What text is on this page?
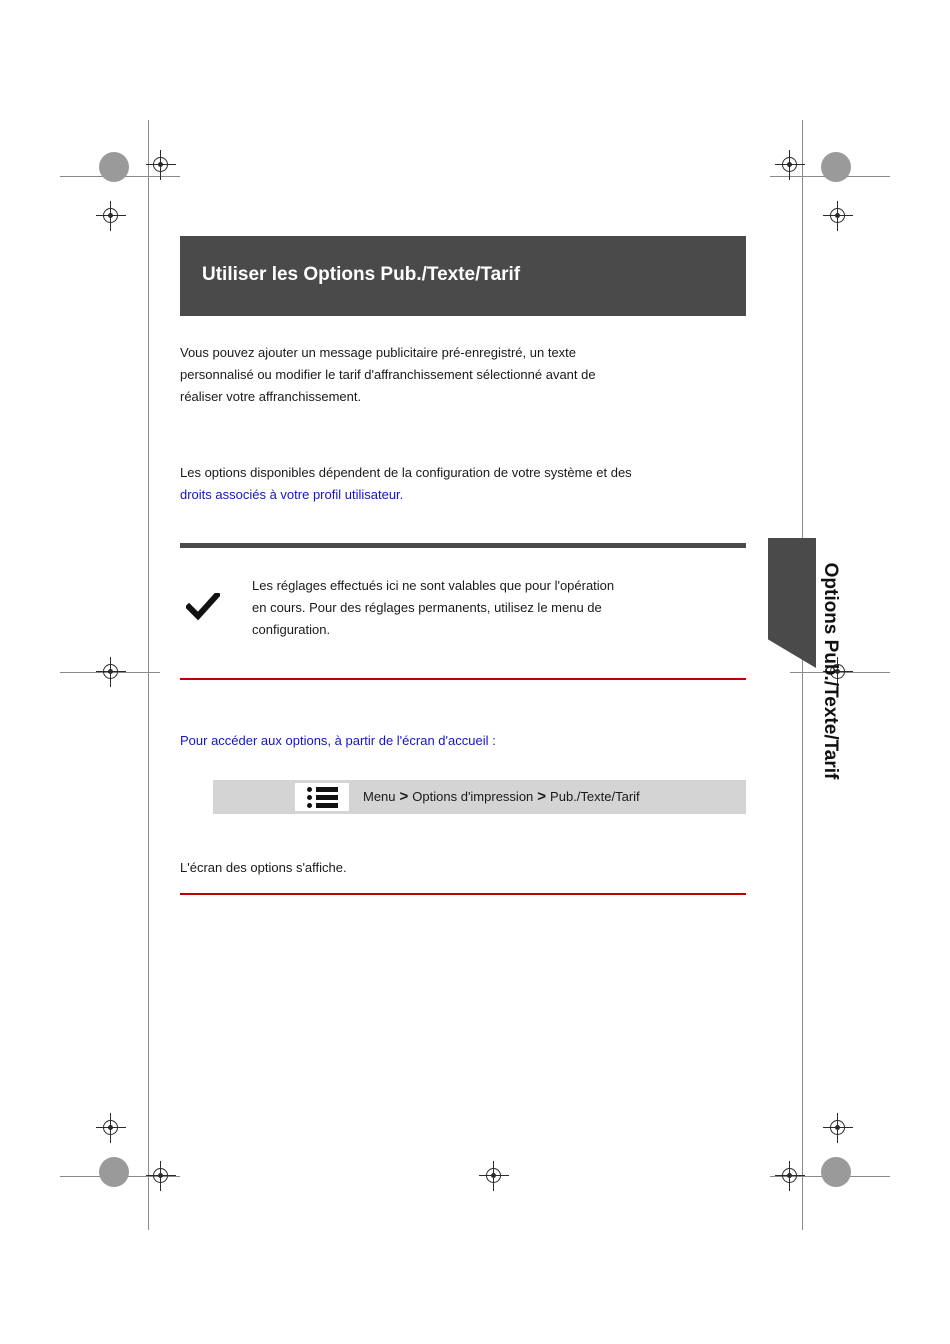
Utiliser les Options Pub./Texte/Tarif
Vous pouvez ajouter un message publicitaire pré-enregistré, un texte
personnalisé ou modifier le tarif d'affranchissement sélectionné avant de
réaliser votre affranchissement.
Les options disponibles dépendent de la configuration de votre système et des
droits associés à votre profil utilisateur.
Les réglages effectués ici ne sont valables que pour l'opération
en cours. Pour des réglages permanents, utilisez le menu de
configuration.
Pour accéder aux options, à partir de l'écran d'accueil :
Menu > Options d'impression > Pub./Texte/Tarif
L'écran des options s'affiche.
Options Pub./Texte/Tarif
